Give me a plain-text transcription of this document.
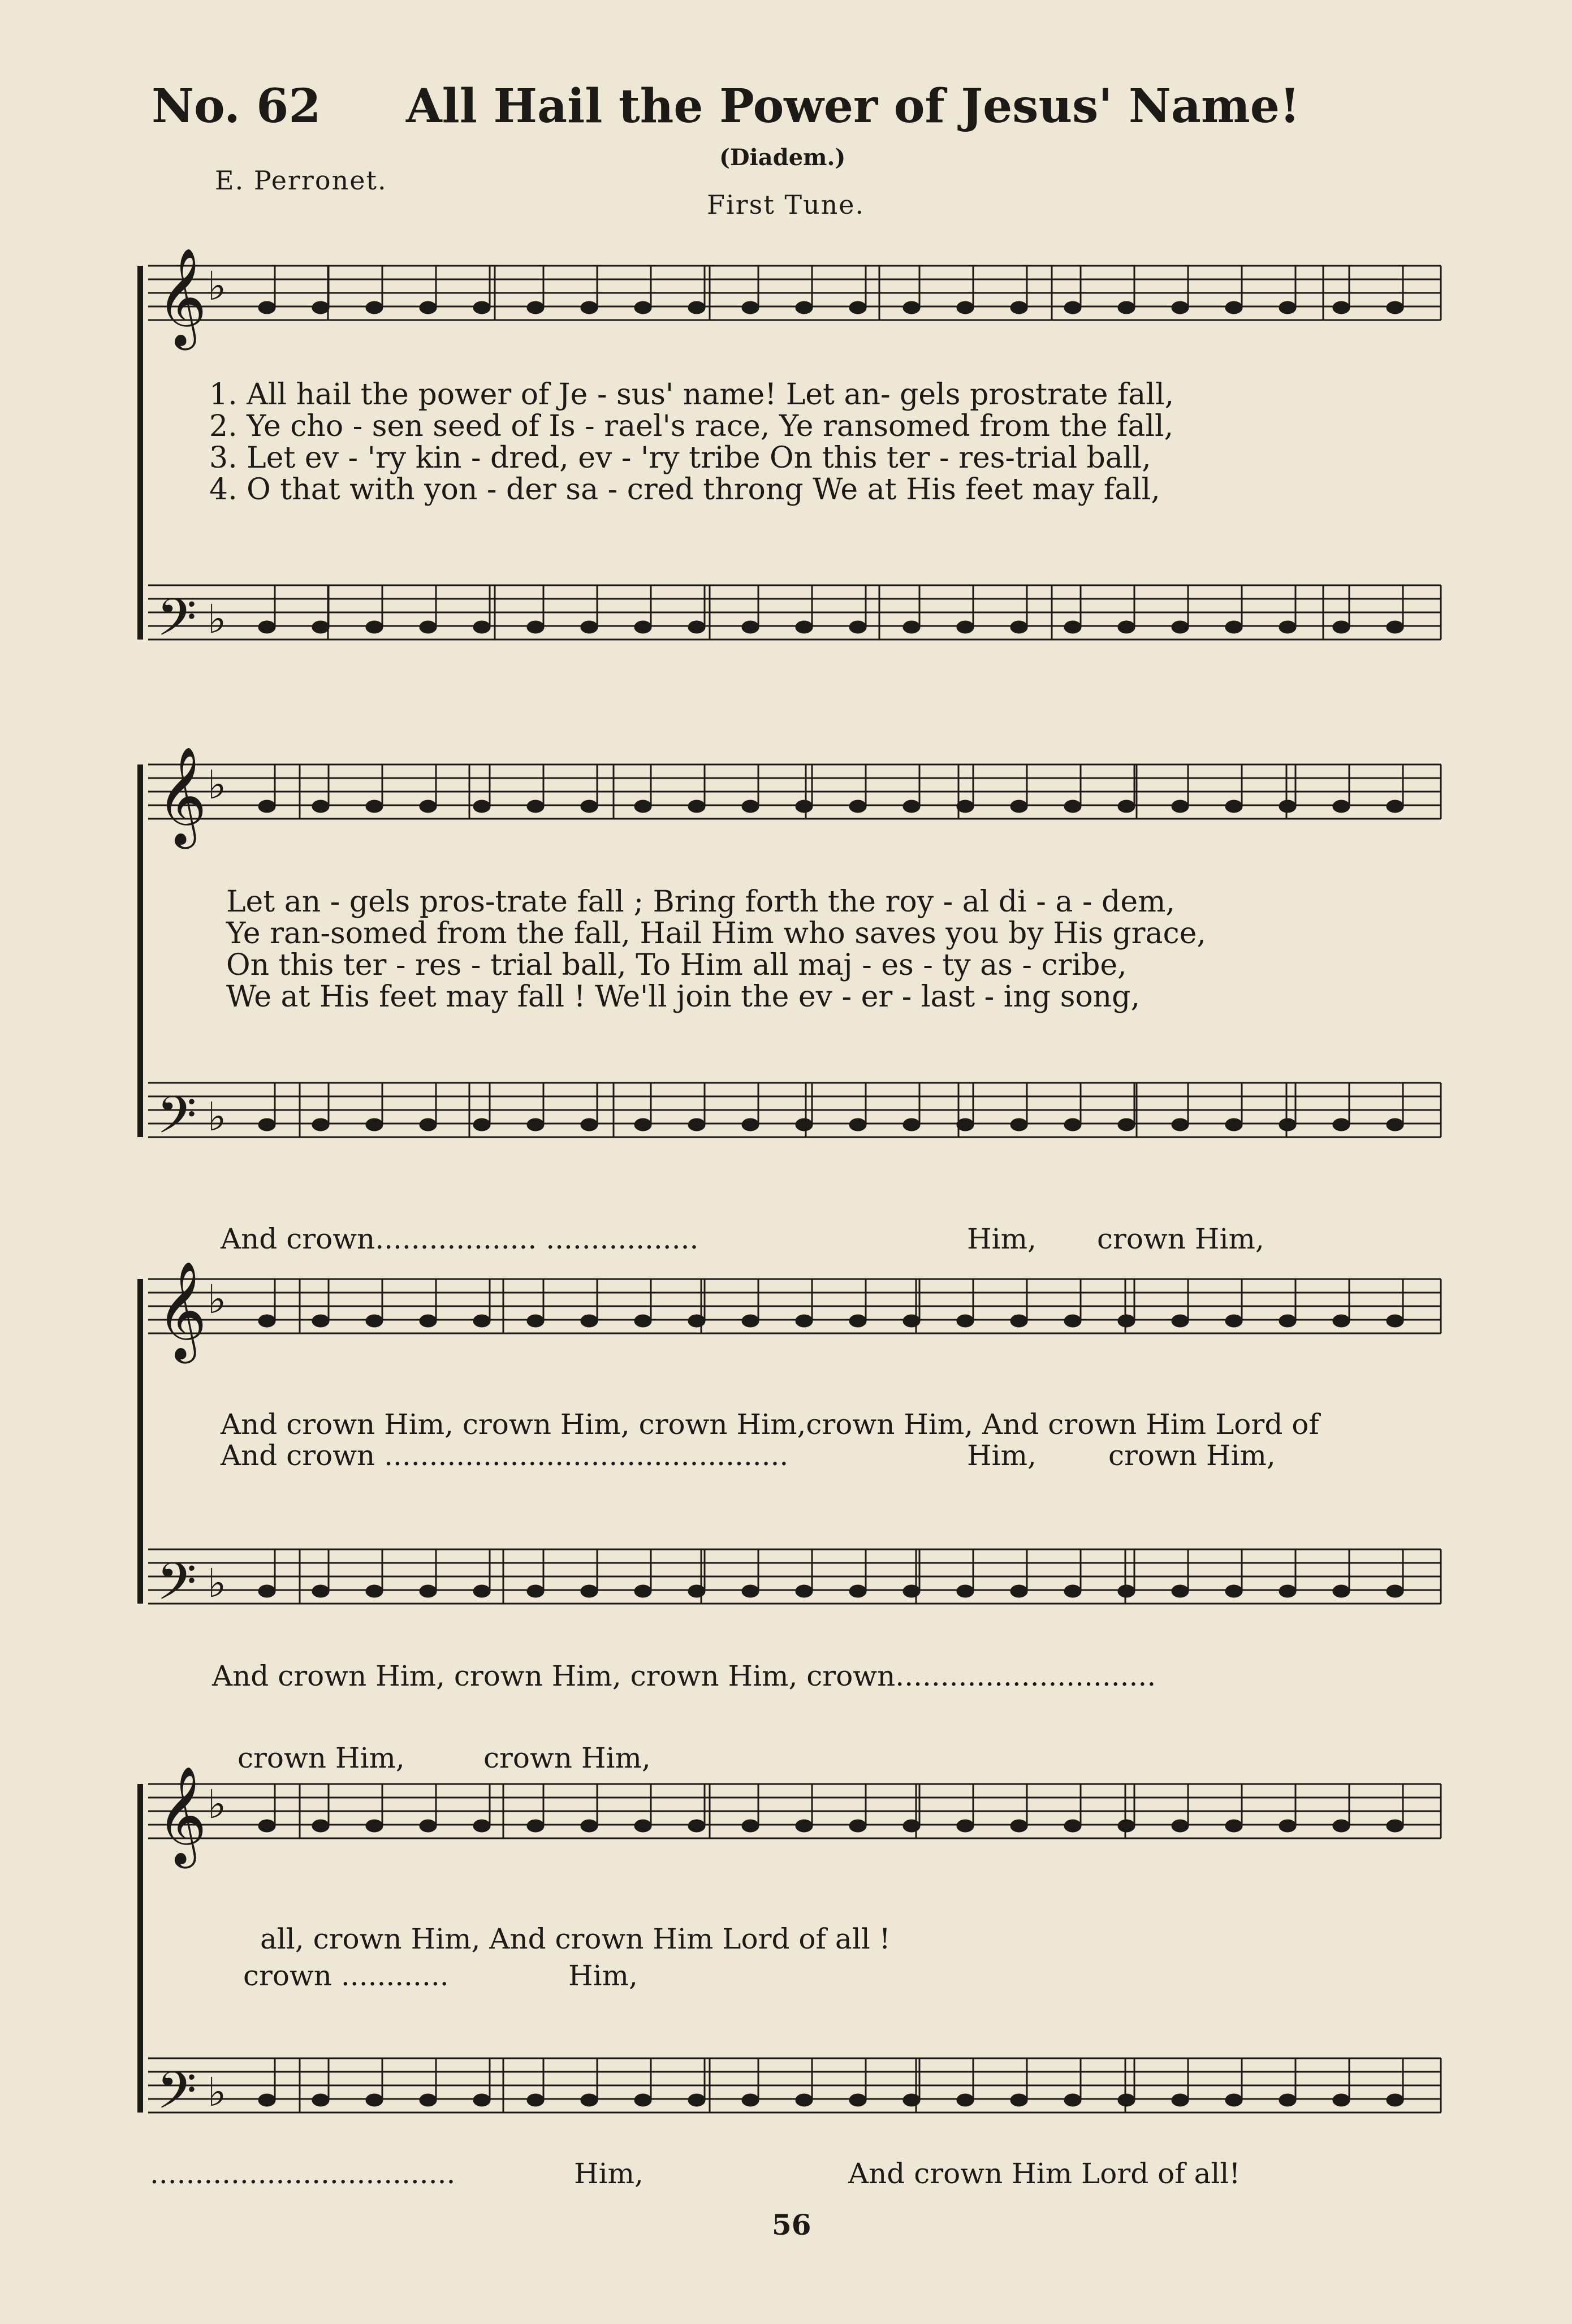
No. 62 All Hail the Power of Jesus' Name!
(Diadem.)
E. Perronet.
First Tune.
𝄞 ♭
𝄢 ♭
𝄞 ♭
𝄢 ♭
𝄞 ♭
𝄢 ♭
𝄞 ♭
𝄢 ♭
1. All hail the power of Je - sus' name! Let an- gels prostrate fall,
2. Ye cho - sen seed of Is - rael's race, Ye ransomed from the fall,
3. Let ev - 'ry kin - dred, ev - 'ry tribe On this ter - res-trial ball,
4. O that with yon - der sa - cred throng We at His feet may fall,
Let an - gels pros-trate fall ; Bring forth the roy - al di - a - dem,
Ye ran-somed from the fall, Hail Him who saves you by His grace,
On this ter - res - trial ball, To Him all maj - es - ty as - cribe,
We at His feet may fall ! We'll join the ev - er - last - ing song,
And crown.................. .................	Him, crown Him,
And crown Him, crown Him, crown Him,crown Him, And crown Him Lord of
And crown .............................................	Him,	crown Him,
And crown Him, crown Him, crown Him, crown.............................
crown Him,	crown Him,
all, crown Him, And crown Him Lord of all !
crown ............	Him,
..................................	Him,	And crown Him Lord of all!
56
